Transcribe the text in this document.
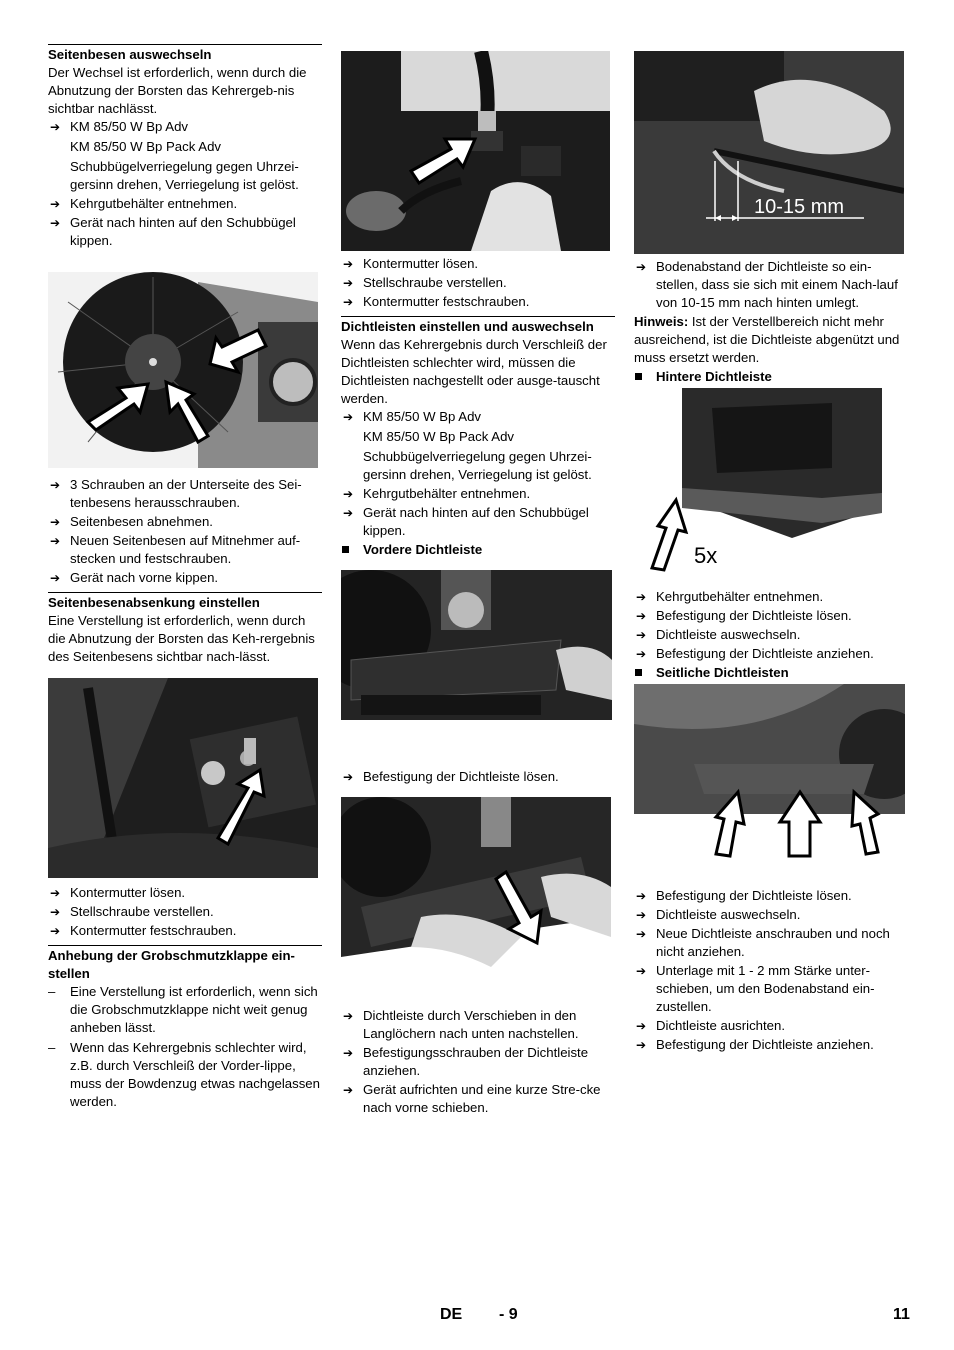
Seitenbesen auswechseln

Der Wechsel ist erforderlich, wenn durch die Abnutzung der Borsten das Kehrergeb-nis sichtbar nachlässt.

➔ KM 85/50 W Bp Adv
KM 85/50 W Bp Pack Adv
Schubbügelverriegelung gegen Uhrzei-gersinn drehen, Verriegelung ist gelöst.
➔ Kehrgutbehälter entnehmen.
➔ Gerät nach hinten auf den Schubbügel kippen.
➔ 3 Schrauben an der Unterseite des Sei-tenbesens herausschrauben.
➔ Seitenbesen abnehmen.
➔ Neuen Seitenbesen auf Mitnehmer auf-stecken und festschrauben.
➔ Gerät nach vorne kippen.
Seitenbesenabsenkung einstellen

Eine Verstellung ist erforderlich, wenn durch die Abnutzung der Borsten das Keh-rergebnis des Seitenbesens sichtbar nach-lässt.

➔ Kontermutter lösen.
➔ Stellschraube verstellen.
➔ Kontermutter festschrauben.
Anhebung der Grobschmutzklappe ein-stellen
– Eine Verstellung ist erforderlich, wenn sich die Grobschmutzklappe nicht weit genug anheben lässt.
– Wenn das Kehrergebnis schlechter wird, z.B. durch Verschleiß der Vorder-lippe, muss der Bowdenzug etwas nachgelassen werden.
➔ Kontermutter lösen.
➔ Stellschraube verstellen.
➔ Kontermutter festschrauben.
Dichtleisten einstellen und auswechseln

Wenn das Kehrergebnis durch Verschleiß der Dichtleisten schlechter wird, müssen die Dichtleisten nachgestellt oder ausge-tauscht werden.

➔ KM 85/50 W Bp Adv
KM 85/50 W Bp Pack Adv
Schubbügelverriegelung gegen Uhrzei-gersinn drehen, Verriegelung ist gelöst.
➔ Kehrgutbehälter entnehmen.
➔ Gerät nach hinten auf den Schubbügel kippen.
Vordere Dichtleiste
➔ Befestigung der Dichtleiste lösen.
➔ Dichtleiste durch Verschieben in den Langlöchern nach unten nachstellen.
➔ Befestigungsschrauben der Dichtleiste anziehen.
➔ Gerät aufrichten und eine kurze Stre-cke nach vorne schieben.
10-15 mm
➔ Bodenabstand der Dichtleiste so ein-stellen, dass sie sich mit einem Nach-lauf von 10-15 mm nach hinten umlegt.

Hinweis: Ist der Verstellbereich nicht mehr ausreichend, ist die Dichtleiste abgenützt und muss ersetzt werden.

Hintere Dichtleiste
5x
➔ Kehrgutbehälter entnehmen.
➔ Befestigung der Dichtleiste lösen.
➔ Dichtleiste auswechseln.
➔ Befestigung der Dichtleiste anziehen.
Seitliche Dichtleisten
➔ Befestigung der Dichtleiste lösen.
➔ Dichtleiste auswechseln.
➔ Neue Dichtleiste anschrauben und noch nicht anziehen.
➔ Unterlage mit 1 - 2 mm Stärke unter-schieben, um den Bodenabstand ein-zustellen.
➔ Dichtleiste ausrichten.
➔ Befestigung der Dichtleiste anziehen.
DE - 9	11
